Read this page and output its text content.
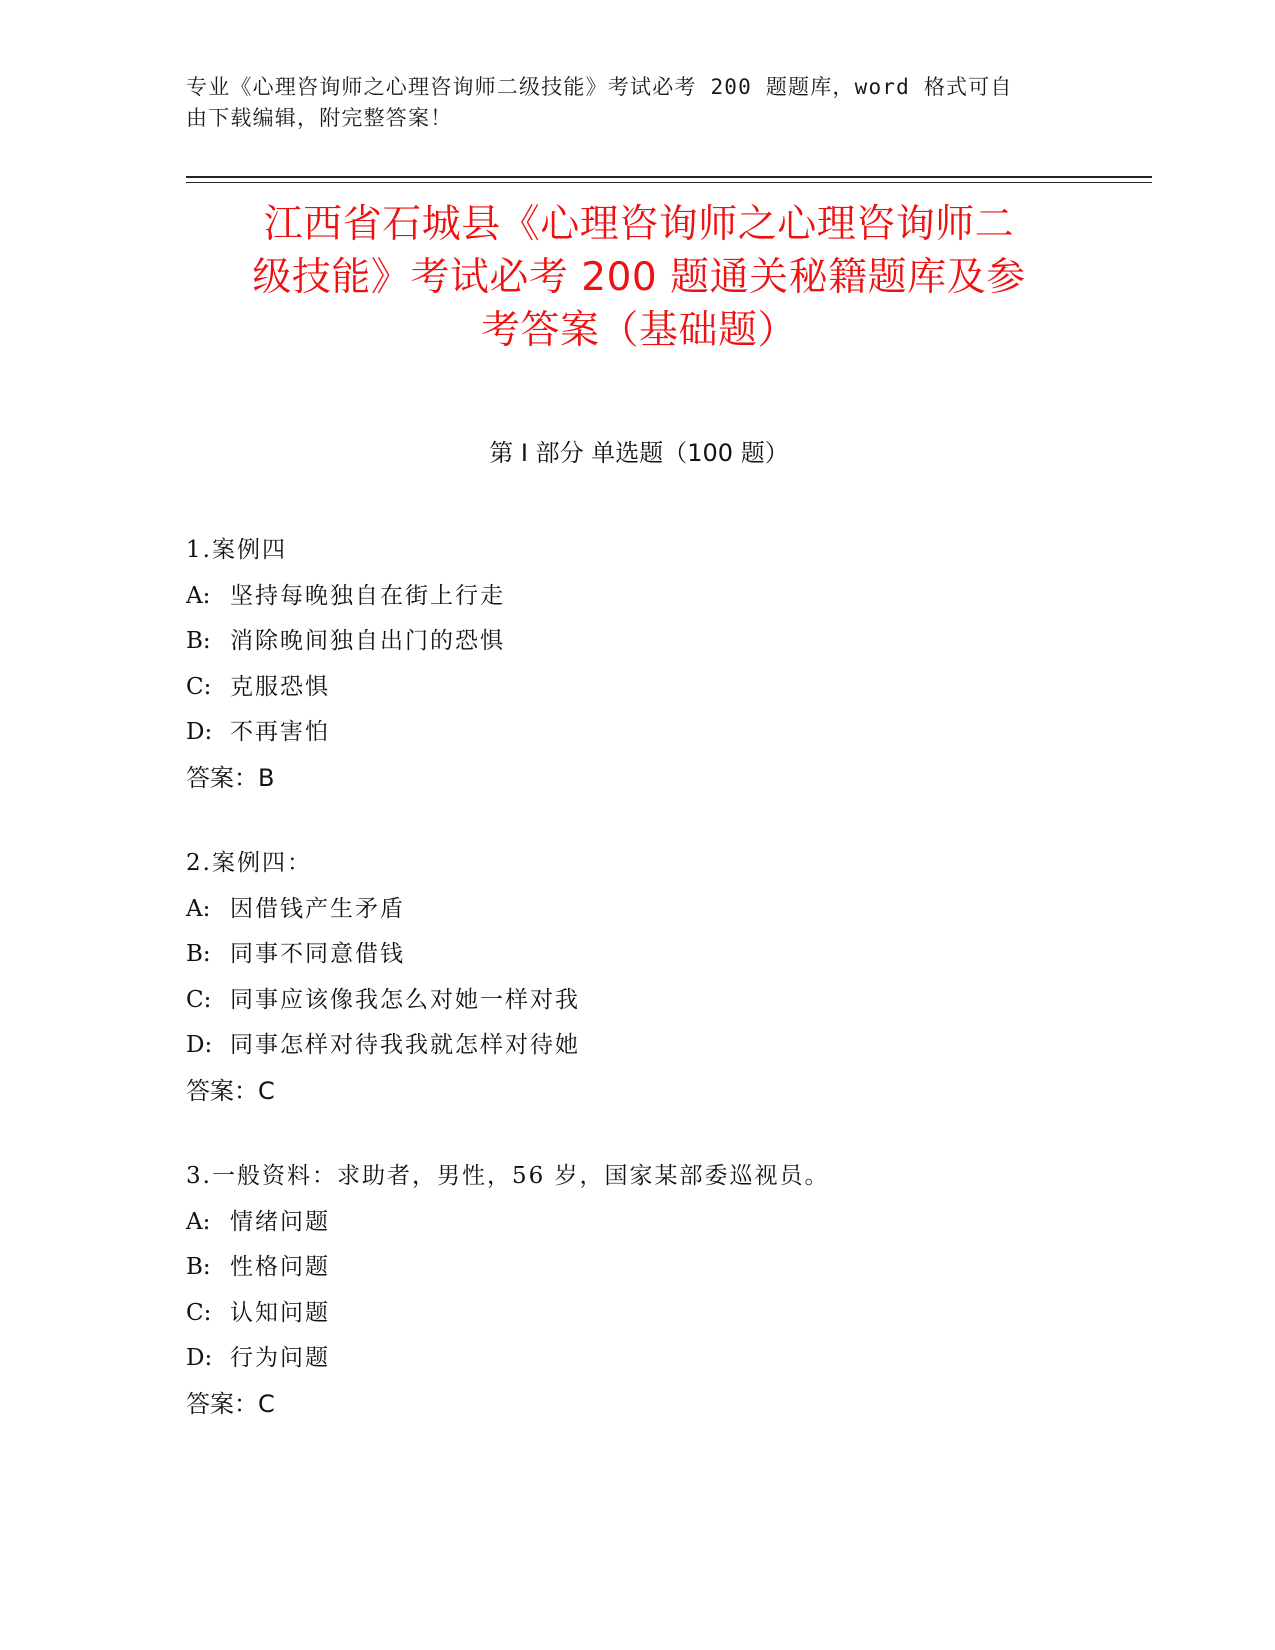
专业《心理咨询师之心理咨询师二级技能》考试必考 200 题题库，word 格式可自
由下载编辑，附完整答案！
江西省石城县《心理咨询师之心理咨询师二
级技能》考试必考 200 题通关秘籍题库及参
考答案（基础题）
第 I 部分 单选题（100 题）
1.案例四
A: 坚持每晚独自在街上行走
B: 消除晚间独自出门的恐惧
C: 克服恐惧
D: 不再害怕
答案：B
2.案例四：
A: 因借钱产生矛盾
B: 同事不同意借钱
C: 同事应该像我怎么对她一样对我
D: 同事怎样对待我我就怎样对待她
答案：C
3.一般资料：求助者，男性，56 岁，国家某部委巡视员。
A: 情绪问题
B: 性格问题
C: 认知问题
D: 行为问题
答案：C
